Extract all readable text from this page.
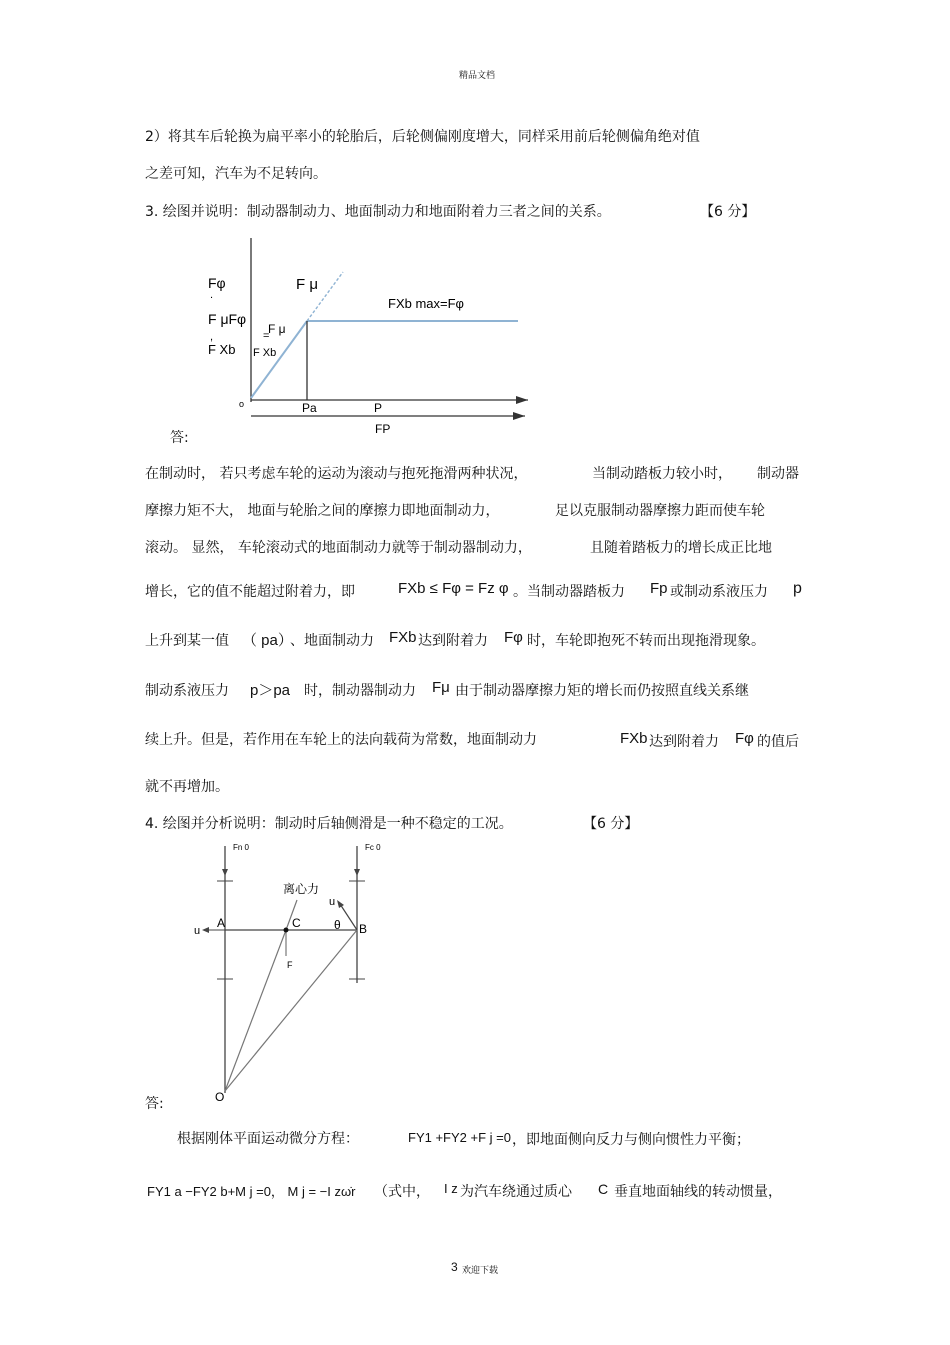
精品文档
2）将其车后轮换为扁平率小的轮胎后，后轮侧偏刚度增大，同样采用前后轮侧偏角绝对值
之差可知，汽车为不足转向。
3. 绘图并说明：制动器制动力、地面制动力和地面附着力三者之间的关系。	【6 分】
Fφ
.
F μFφ
,
F Xb
F μ
F Xb
=
F μ
FXb max=Fφ
o	Pa	P
FP
答:
在制动时， 若只考虑车轮的运动为滚动与抱死拖滑两种状况，	当制动踏板力较小时， 制动器
摩擦力矩不大， 地面与轮胎之间的摩擦力即地面制动力，	足以克服制动器摩擦力距而使车轮
滚动。 显然， 车轮滚动式的地面制动力就等于制动器制动力，	且随着踏板力的增长成正比地
增长，它的值不能超过附着力，即	FXb ≤ Fφ = Fz φ 。当制动器踏板力 Fp 或制动系液压力 p
上升到某一值 （ pa）
、地面制动力 FXb 达到附着力 Fφ 时，车轮即抱死不转而出现拖滑现象。
制动系液压力 p＞pa 时，制动器制动力 Fμ 由于制动器摩擦力矩的增长而仍按照直线关系继
续上升。但是，若作用在车轮上的法向载荷为常数，地面制动力	FXb 达到附着力 Fφ 的值后
就不再增加。
4. 绘图并分析说明：制动时后轴侧滑是一种不稳定的工况。	【6 分】
Fn 0	Fc 0
离心力
u
u
A	C	θ B
F
O
答:
根据刚体平面运动微分方程：	FY1 +FY2 +F j =0 ，即地面侧向反力与侧向惯性力平衡；
FY1 a −FY2 b+M j =0， M j = −I zω̇r （式中， I z 为汽车绕通过质心 C 垂直地面轴线的转动惯量，
3 欢迎下载
